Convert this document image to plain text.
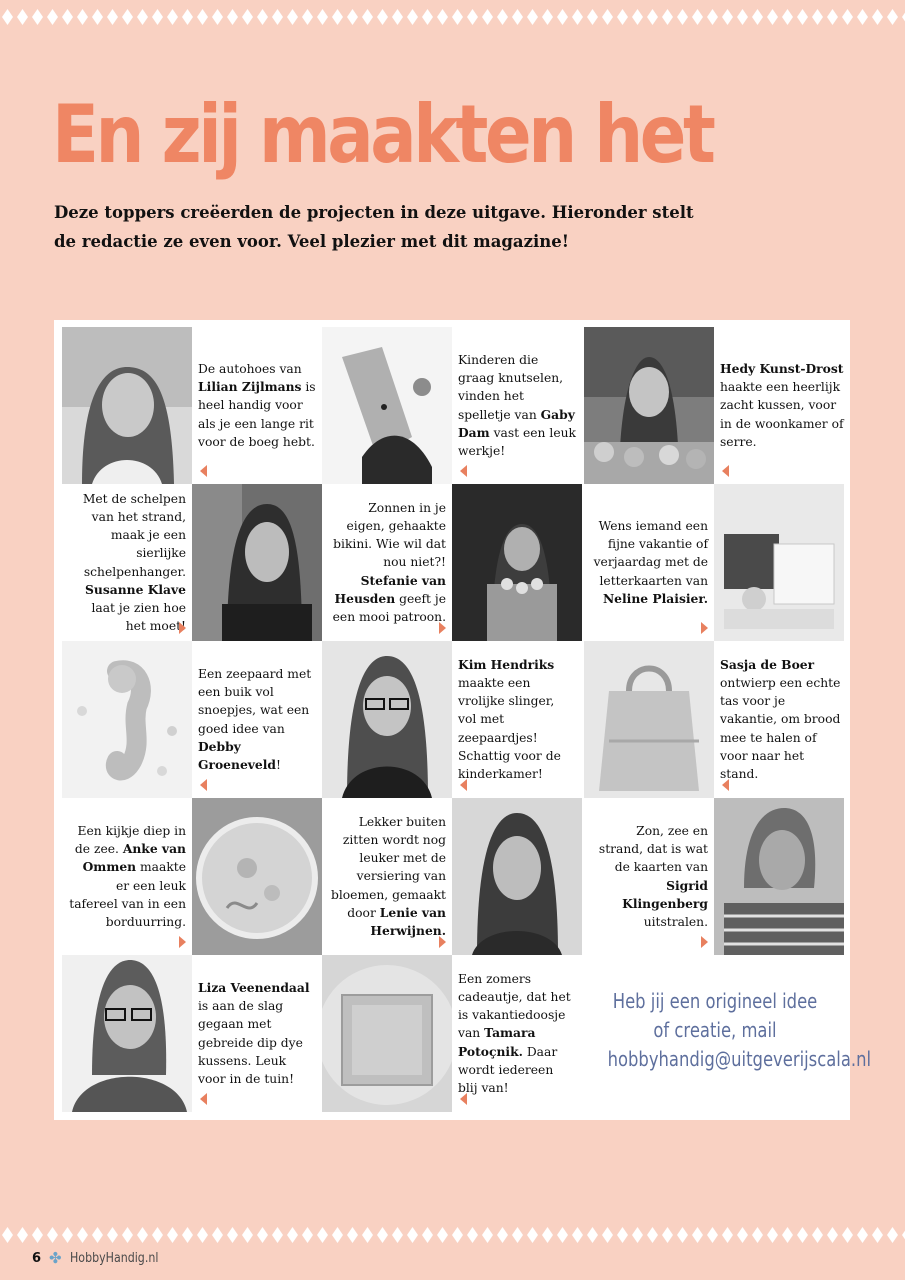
En zij maakten het

Deze toppers creëerden de projecten in deze uitgave. Hieronder stelt de redactie ze even voor. Veel plezier met dit magazine!

De autohoes van Lilian Zijlmans is heel handig voor als je een lange rit voor de boeg hebt.
Kinderen die graag knutselen, vinden het spelletje van Gaby Dam vast een leuk werkje!
Hedy Kunst-Drost haakte een heerlijk zacht kussen, voor in de woonkamer of serre.
Met de schelpen van het strand, maak je een sierlijke schelpenhanger. Susanne Klave laat je zien hoe het moet!
Zonnen in je eigen, gehaakte bikini. Wie wil dat nou niet?! Stefanie van Heusden geeft je een mooi patroon.
Wens iemand een fijne vakantie of verjaardag met de letterkaarten van Neline Plaisier.
Een zeepaard met een buik vol snoepjes, wat een goed idee van Debby Groeneveld!
Kim Hendriks maakte een vrolijke slinger, vol met zeepaardjes! Schattig voor de kinderkamer!
Sasja de Boer ontwierp een echte tas voor je vakantie, om brood mee te halen of voor naar het stand.
Een kijkje diep in de zee. Anke van Ommen maakte er een leuk tafereel van in een borduurring.
Lekker buiten zitten wordt nog leuker met de versiering van bloemen, gemaakt door Lenie van Herwijnen.
Zon, zee en strand, dat is wat de kaarten van Sigrid Klingenberg uitstralen.
Liza Veenendaal is aan de slag gegaan met gebreide dip dye kussens. Leuk voor in de tuin!
Een zomers cadeautje, dat het is vakantiedoosje van Tamara Potoçnik. Daar wordt iedereen blij van!
Heb jij een origineel idee
of creatie, mail
hobbyhandig@uitgeverijscala.nl
6 ✤ HobbyHandig.nl
